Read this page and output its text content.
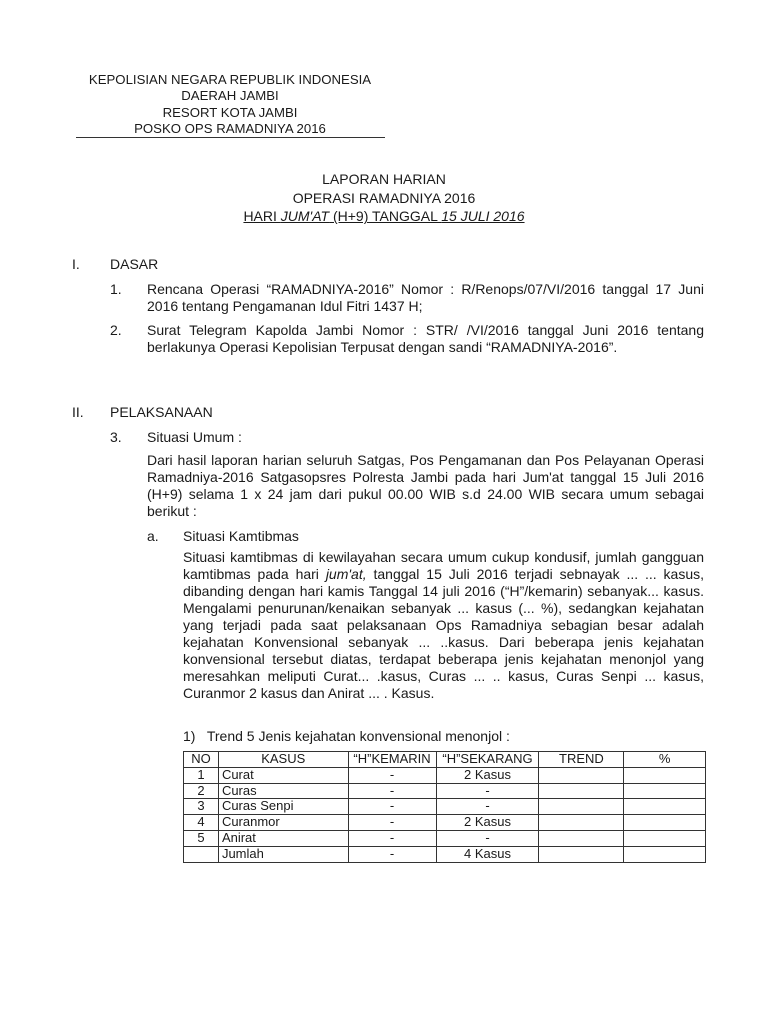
KEPOLISIAN NEGARA REPUBLIK INDONESIA
DAERAH JAMBI
RESORT KOTA JAMBI
POSKO OPS RAMADNIYA 2016
LAPORAN HARIAN
OPERASI RAMADNIYA 2016
HARI JUM'AT (H+9) TANGGAL 15 JULI 2016
I. DASAR
1. Rencana Operasi “RAMADNIYA-2016” Nomor : R/Renops/07/VI/2016 tanggal 17 Juni 2016 tentang Pengamanan Idul Fitri 1437 H;
2. Surat Telegram Kapolda Jambi Nomor : STR/ /VI/2016 tanggal Juni 2016 tentang berlakunya Operasi Kepolisian Terpusat dengan sandi “RAMADNIYA-2016”.
II. PELAKSANAAN
3. Situasi Umum :
Dari hasil laporan harian seluruh Satgas, Pos Pengamanan dan Pos Pelayanan Operasi Ramadniya-2016 Satgasopsres Polresta Jambi pada hari Jum'at tanggal 15 Juli 2016 (H+9) selama 1 x 24 jam dari pukul 00.00 WIB s.d 24.00 WIB secara umum sebagai berikut :
a. Situasi Kamtibmas
Situasi kamtibmas di kewilayahan secara umum cukup kondusif, jumlah gangguan kamtibmas pada hari jum'at, tanggal 15 Juli 2016 terjadi sebnayak ... ... kasus, dibanding dengan hari kamis Tanggal 14 juli 2016 (“H”/kemarin) sebanyak... kasus. Mengalami penurunan/kenaikan sebanyak ... kasus (... %), sedangkan kejahatan yang terjadi pada saat pelaksanaan Ops Ramadniya sebagian besar adalah kejahatan Konvensional sebanyak ... ..kasus. Dari beberapa jenis kejahatan konvensional tersebut diatas, terdapat beberapa jenis kejahatan menonjol yang meresahkan meliputi Curat... .kasus, Curas ... .. kasus, Curas Senpi ... kasus, Curanmor 2 kasus dan Anirat ... . Kasus.
1)   Trend 5 Jenis kejahatan konvensional menonjol :
NO	KASUS	“H”KEMARIN	“H”SEKARANG	TREND	%
1	Curat	-	2 Kasus		
2	Curas	-	-		
3	Curas Senpi	-	-		
4	Curanmor	-	2 Kasus		
5	Anirat	-	-		
	Jumlah	-	4 Kasus		
